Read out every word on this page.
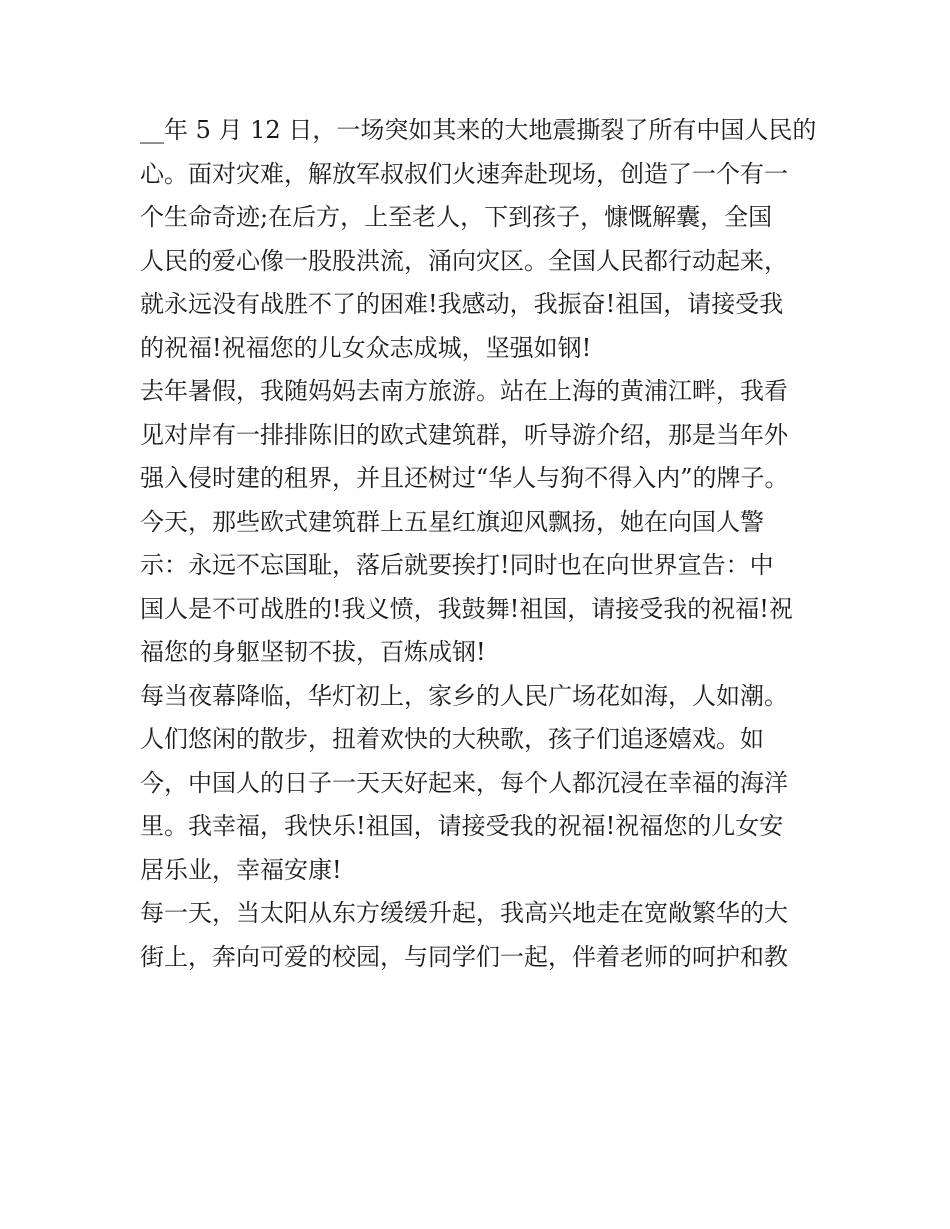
__年 5 月 12 日，一场突如其来的大地震撕裂了所有中国人民的
心。面对灾难，解放军叔叔们火速奔赴现场，创造了一个有一
个生命奇迹;在后方，上至老人，下到孩子，慷慨解囊，全国
人民的爱心像一股股洪流，涌向灾区。全国人民都行动起来，
就永远没有战胜不了的困难!我感动，我振奋!祖国，请接受我
的祝福!祝福您的儿女众志成城，坚强如钢!
去年暑假，我随妈妈去南方旅游。站在上海的黄浦江畔，我看
见对岸有一排排陈旧的欧式建筑群，听导游介绍，那是当年外
强入侵时建的租界，并且还树过“华人与狗不得入内”的牌子。
今天，那些欧式建筑群上五星红旗迎风飘扬，她在向国人警
示：永远不忘国耻，落后就要挨打!同时也在向世界宣告：中
国人是不可战胜的!我义愤，我鼓舞!祖国，请接受我的祝福!祝
福您的身躯坚韧不拔，百炼成钢!
每当夜幕降临，华灯初上，家乡的人民广场花如海，人如潮。
人们悠闲的散步，扭着欢快的大秧歌，孩子们追逐嬉戏。如
今，中国人的日子一天天好起来，每个人都沉浸在幸福的海洋
里。我幸福，我快乐!祖国，请接受我的祝福!祝福您的儿女安
居乐业，幸福安康!
每一天，当太阳从东方缓缓升起，我高兴地走在宽敞繁华的大
街上，奔向可爱的校园，与同学们一起，伴着老师的呵护和教
